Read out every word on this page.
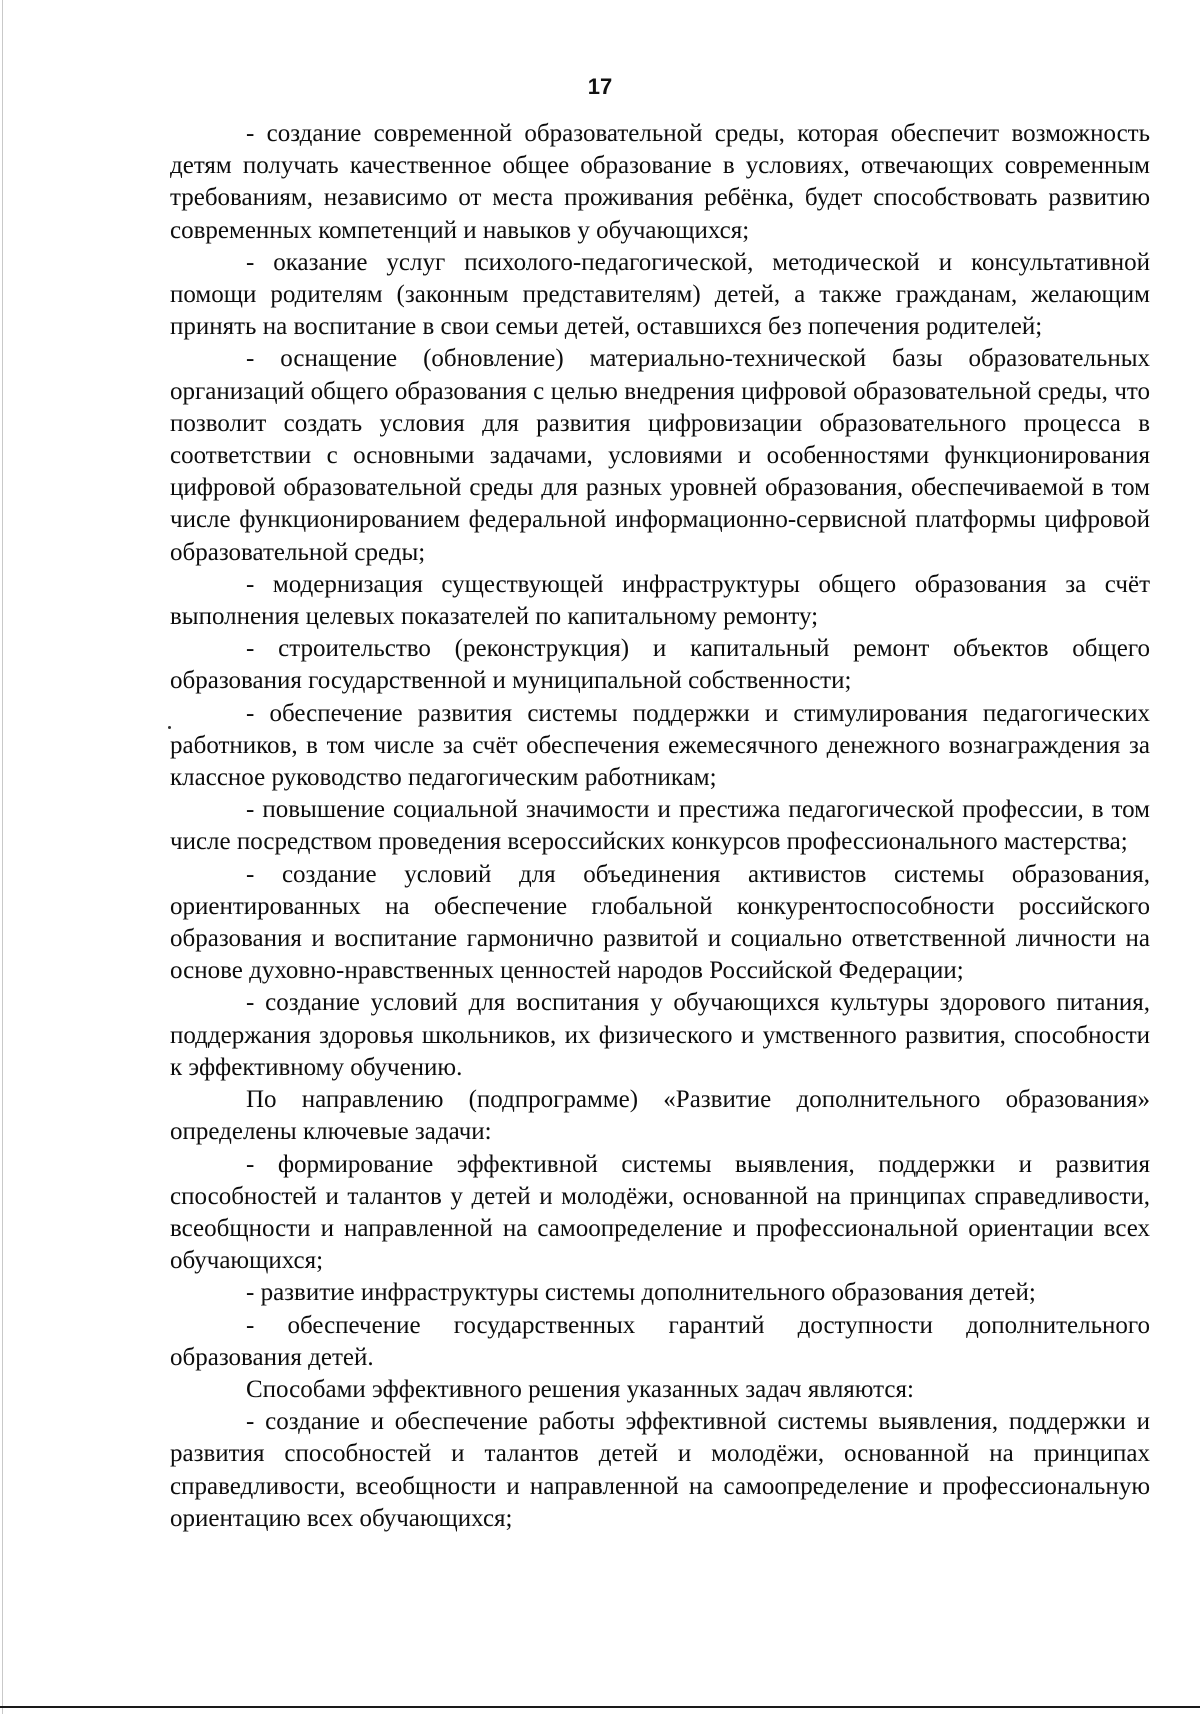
17

- создание современной образовательной среды, которая обеспечит возможность детям получать качественное общее образование в условиях, отвечающих современным требованиям, независимо от места проживания ребёнка, будет способствовать развитию современных компетенций и навыков у обучающихся;

- оказание услуг психолого-педагогической, методической и консультативной помощи родителям (законным представителям) детей, а также гражданам, желающим принять на воспитание в свои семьи детей, оставшихся без попечения родителей;

- оснащение (обновление) материально-технической базы образовательных организаций общего образования с целью внедрения цифровой образовательной среды, что позволит создать условия для развития цифровизации образовательного процесса в соответствии с основными задачами, условиями и особенностями функционирования цифровой образовательной среды для разных уровней образования, обеспечиваемой в том числе функционированием федеральной информационно-сервисной платформы цифровой образовательной среды;

- модернизация существующей инфраструктуры общего образования за счёт выполнения целевых показателей по капитальному ремонту;

- строительство (реконструкция) и капитальный ремонт объектов общего образования государственной и муниципальной собственности;

- обеспечение развития системы поддержки и стимулирования педагогических работников, в том числе за счёт обеспечения ежемесячного денежного вознаграждения за классное руководство педагогическим работникам;

- повышение социальной значимости и престижа педагогической профессии, в том числе посредством проведения всероссийских конкурсов профессионального мастерства;

- создание условий для объединения активистов системы образования, ориентированных на обеспечение глобальной конкурентоспособности российского образования и воспитание гармонично развитой и социально ответственной личности на основе духовно-нравственных ценностей народов Российской Федерации;

- создание условий для воспитания у обучающихся культуры здорового питания, поддержания здоровья школьников, их физического и умственного развития, способности к эффективному обучению.

По направлению (подпрограмме) «Развитие дополнительного образования» определены ключевые задачи:

- формирование эффективной системы выявления, поддержки и развития способностей и талантов у детей и молодёжи, основанной на принципах справедливости, всеобщности и направленной на самоопределение и профессиональной ориентации всех обучающихся;

- развитие инфраструктуры системы дополнительного образования детей;

- обеспечение государственных гарантий доступности дополнительного образования детей.

Способами эффективного решения указанных задач являются:

- создание и обеспечение работы эффективной системы выявления, поддержки и развития способностей и талантов детей и молодёжи, основанной на принципах справедливости, всеобщности и направленной на самоопределение и профессиональную ориентацию всех обучающихся;
